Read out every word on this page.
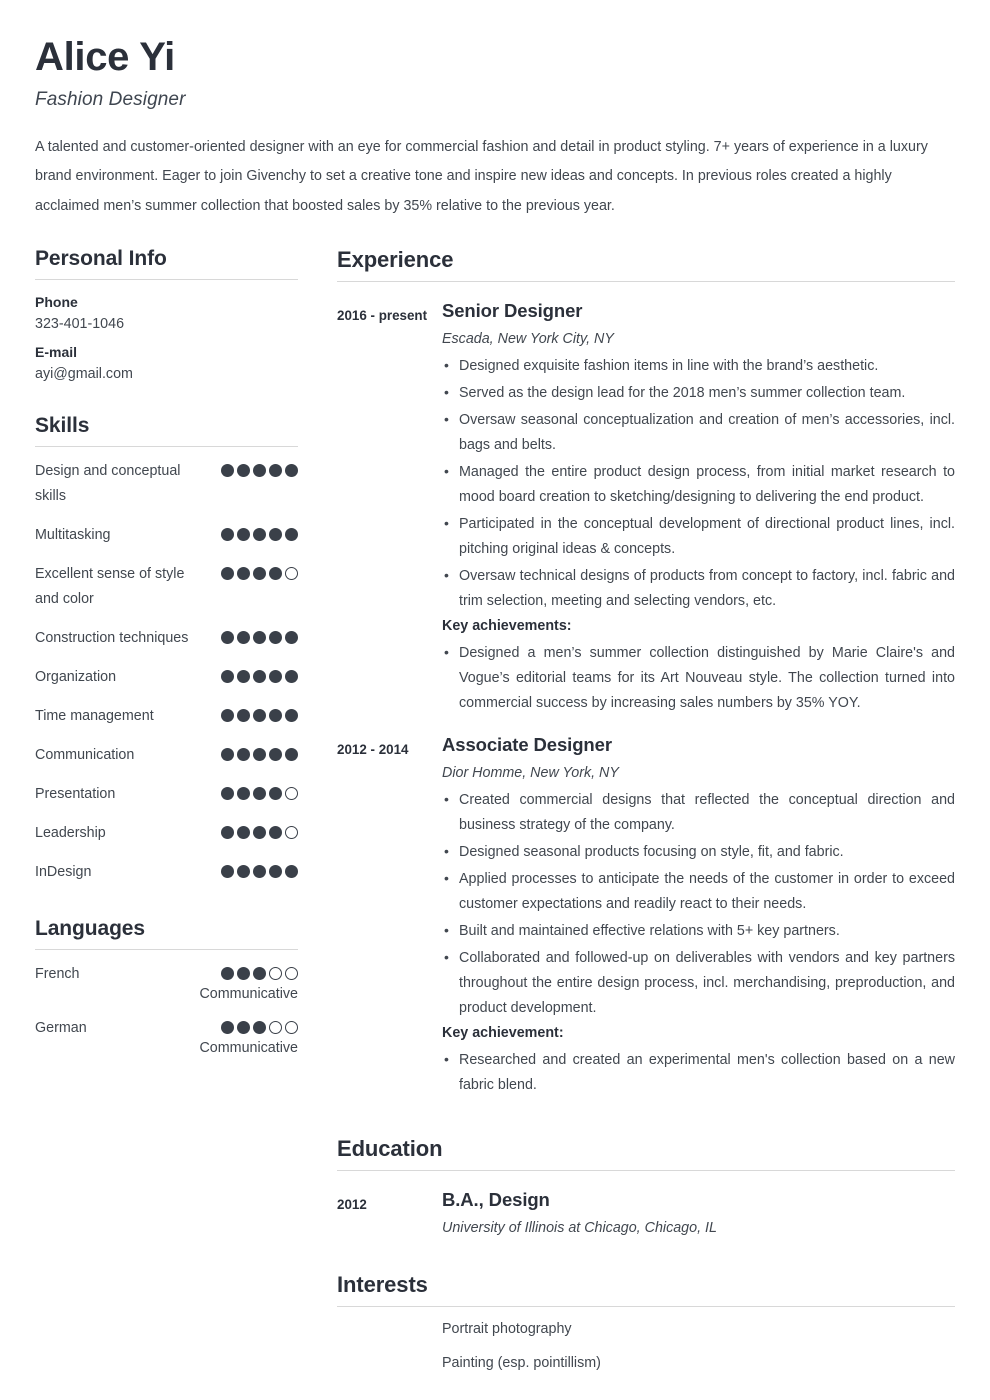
Alice Yi
Fashion Designer
A talented and customer-oriented designer with an eye for commercial fashion and detail in product styling. 7+ years of experience in a luxury brand environment. Eager to join Givenchy to set a creative tone and inspire new ideas and concepts. In previous roles created a highly acclaimed men’s summer collection that boosted sales by 35% relative to the previous year.
Personal Info
Phone
323-401-1046
E-mail
ayi@gmail.com
Skills
Design and conceptual skills
Multitasking
Excellent sense of style and color
Construction techniques
Organization
Time management
Communication
Presentation
Leadership
InDesign
Languages
French
Communicative
German
Communicative
Experience
2016 - present Senior Designer
Escada, New York City, NY
• Designed exquisite fashion items in line with the brand’s aesthetic.
• Served as the design lead for the 2018 men’s summer collection team.
• Oversaw seasonal conceptualization and creation of men’s accessories, incl. bags and belts.
• Managed the entire product design process, from initial market research to mood board creation to sketching/designing to delivering the end product.
• Participated in the conceptual development of directional product lines, incl. pitching original ideas & concepts.
• Oversaw technical designs of products from concept to factory, incl. fabric and trim selection, meeting and selecting vendors, etc.
Key achievements:
• Designed a men’s summer collection distinguished by Marie Claire's and Vogue’s editorial teams for its Art Nouveau style. The collection turned into commercial success by increasing sales numbers by 35% YOY.
2012 - 2014	Associate Designer
Dior Homme, New York, NY
• Created commercial designs that reflected the conceptual direction and business strategy of the company.
• Designed seasonal products focusing on style, fit, and fabric.
• Applied processes to anticipate the needs of the customer in order to exceed customer expectations and readily react to their needs.
• Built and maintained effective relations with 5+ key partners.
• Collaborated and followed-up on deliverables with vendors and key partners throughout the entire design process, incl. merchandising, preproduction, and product development.
Key achievement:
• Researched and created an experimental men's collection based on a new fabric blend.
Education
2012	B.A., Design
University of Illinois at Chicago, Chicago, IL
Interests
Portrait photography
Painting (esp. pointillism)
